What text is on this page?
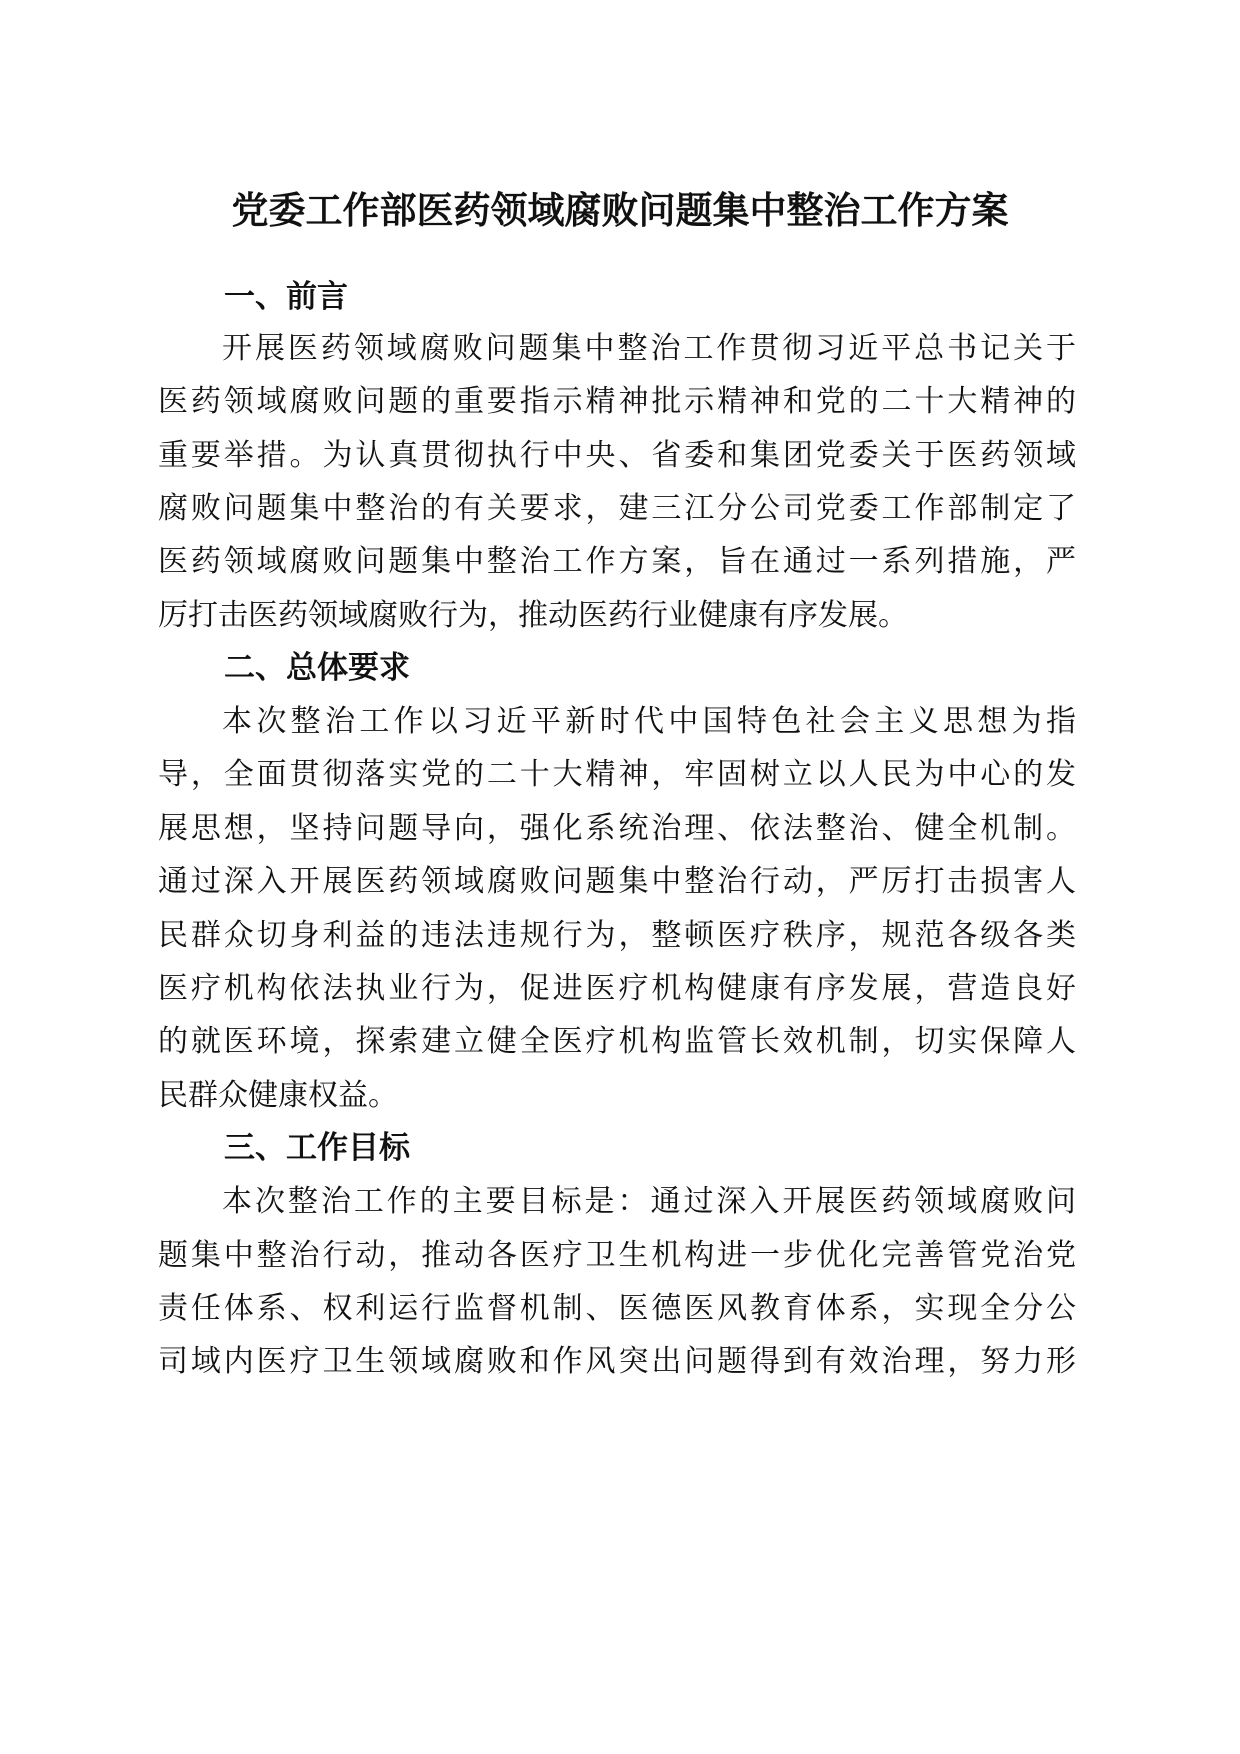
党委工作部医药领域腐败问题集中整治工作方案
一、前言

开展医药领域腐败问题集中整治工作贯彻习近平总书记关于

医药领域腐败问题的重要指示精神批示精神和党的二十大精神的

重要举措。为认真贯彻执行中央、省委和集团党委关于医药领域

腐败问题集中整治的有关要求，建三江分公司党委工作部制定了

医药领域腐败问题集中整治工作方案，旨在通过一系列措施，严

厉打击医药领域腐败行为，推动医药行业健康有序发展。

二、总体要求

本次整治工作以习近平新时代中国特色社会主义思想为指

导，全面贯彻落实党的二十大精神，牢固树立以人民为中心的发

展思想，坚持问题导向，强化系统治理、依法整治、健全机制。

通过深入开展医药领域腐败问题集中整治行动，严厉打击损害人

民群众切身利益的违法违规行为，整顿医疗秩序，规范各级各类

医疗机构依法执业行为，促进医疗机构健康有序发展，营造良好

的就医环境，探索建立健全医疗机构监管长效机制，切实保障人

民群众健康权益。

三、工作目标

本次整治工作的主要目标是：通过深入开展医药领域腐败问

题集中整治行动，推动各医疗卫生机构进一步优化完善管党治党

责任体系、权利运行监督机制、医德医风教育体系，实现全分公

司域内医疗卫生领域腐败和作风突出问题得到有效治理，努力形
